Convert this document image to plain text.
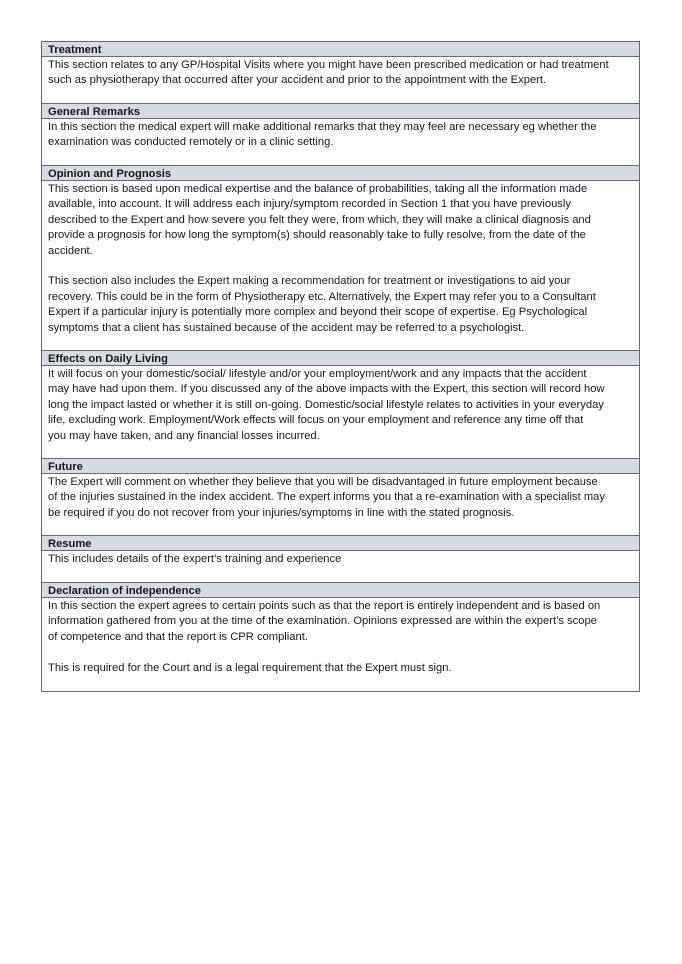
Treatment

This section relates to any GP/Hospital Visits where you might have been prescribed medication or had treatment
such as physiotherapy that occurred after your accident and prior to the appointment with the Expert.

General Remarks

In this section the medical expert will make additional remarks that they may feel are necessary eg whether the
examination was conducted remotely or in a clinic setting.

Opinion and Prognosis

This section is based upon medical expertise and the balance of probabilities, taking all the information made
available, into account. It will address each injury/symptom recorded in Section 1 that you have previously
described to the Expert and how severe you felt they were, from which, they will make a clinical diagnosis and
provide a prognosis for how long the symptom(s) should reasonably take to fully resolve, from the date of the
accident.

This section also includes the Expert making a recommendation for treatment or investigations to aid your
recovery. This could be in the form of Physiotherapy etc. Alternatively, the Expert may refer you to a Consultant
Expert if a particular injury is potentially more complex and beyond their scope of expertise. Eg Psychological
symptoms that a client has sustained because of the accident may be referred to a psychologist.

Effects on Daily Living

It will focus on your domestic/social/ lifestyle and/or your employment/work and any impacts that the accident
may have had upon them. If you discussed any of the above impacts with the Expert, this section will record how
long the impact lasted or whether it is still on-going. Domestic/social lifestyle relates to activities in your everyday
life, excluding work. Employment/Work effects will focus on your employment and reference any time off that
you may have taken, and any financial losses incurred.

Future

The Expert will comment on whether they believe that you will be disadvantaged in future employment because
of the injuries sustained in the index accident. The expert informs you that a re-examination with a specialist may
be required if you do not recover from your injuries/symptoms in line with the stated prognosis.

Resume

This includes details of the expert’s training and experience

Declaration of independence

In this section the expert agrees to certain points such as that the report is entirely independent and is based on
information gathered from you at the time of the examination. Opinions expressed are within the expert’s scope
of competence and that the report is CPR compliant.

This is required for the Court and is a legal requirement that the Expert must sign.
